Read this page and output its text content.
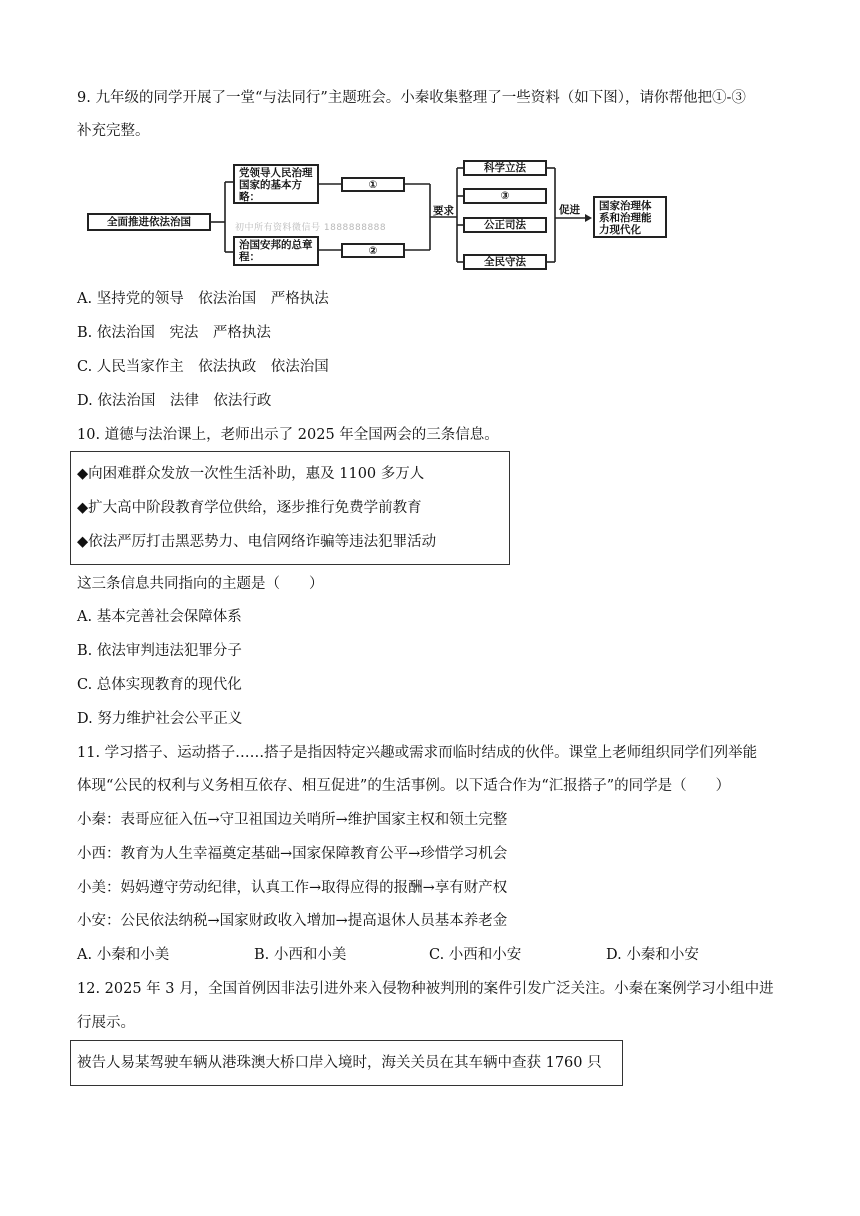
9. 九年级的同学开展了一堂“与法同行”主题班会。小秦收集整理了一些资料（如下图），请你帮他把①-③
补充完整。
全面推进依法治国
党领导人民治理国家的基本方略：
治国安邦的总章程：
①
②
初中所有资料微信号 1888888888
要求
科学立法
③
公正司法
全民守法
促进	国家治理体系和治理能力现代化
A. 坚持党的领导　依法治国　严格执法
B. 依法治国　宪法　严格执法
C. 人民当家作主　依法执政　依法治国
D. 依法治国　法律　依法行政
10. 道德与法治课上，老师出示了 2025 年全国两会的三条信息。
◆向困难群众发放一次性生活补助，惠及 1100 多万人
◆扩大高中阶段教育学位供给，逐步推行免费学前教育
◆依法严厉打击黑恶势力、电信网络诈骗等违法犯罪活动
这三条信息共同指向的主题是（　　）
A. 基本完善社会保障体系
B. 依法审判违法犯罪分子
C. 总体实现教育的现代化
D. 努力维护社会公平正义
11. 学习搭子、运动搭子……搭子是指因特定兴趣或需求而临时结成的伙伴。课堂上老师组织同学们列举能
体现“公民的权利与义务相互依存、相互促进”的生活事例。以下适合作为“汇报搭子”的同学是（　　）
小秦：表哥应征入伍→守卫祖国边关哨所→维护国家主权和领土完整
小西：教育为人生幸福奠定基础→国家保障教育公平→珍惜学习机会
小美：妈妈遵守劳动纪律，认真工作→取得应得的报酬→享有财产权
小安：公民依法纳税→国家财政收入增加→提高退休人员基本养老金
A. 小秦和小美	B. 小西和小美	C. 小西和小安	D. 小秦和小安
12. 2025 年 3 月，全国首例因非法引进外来入侵物种被判刑的案件引发广泛关注。小秦在案例学习小组中进
行展示。
被告人易某驾驶车辆从港珠澳大桥口岸入境时，海关关员在其车辆中查获 1760 只
